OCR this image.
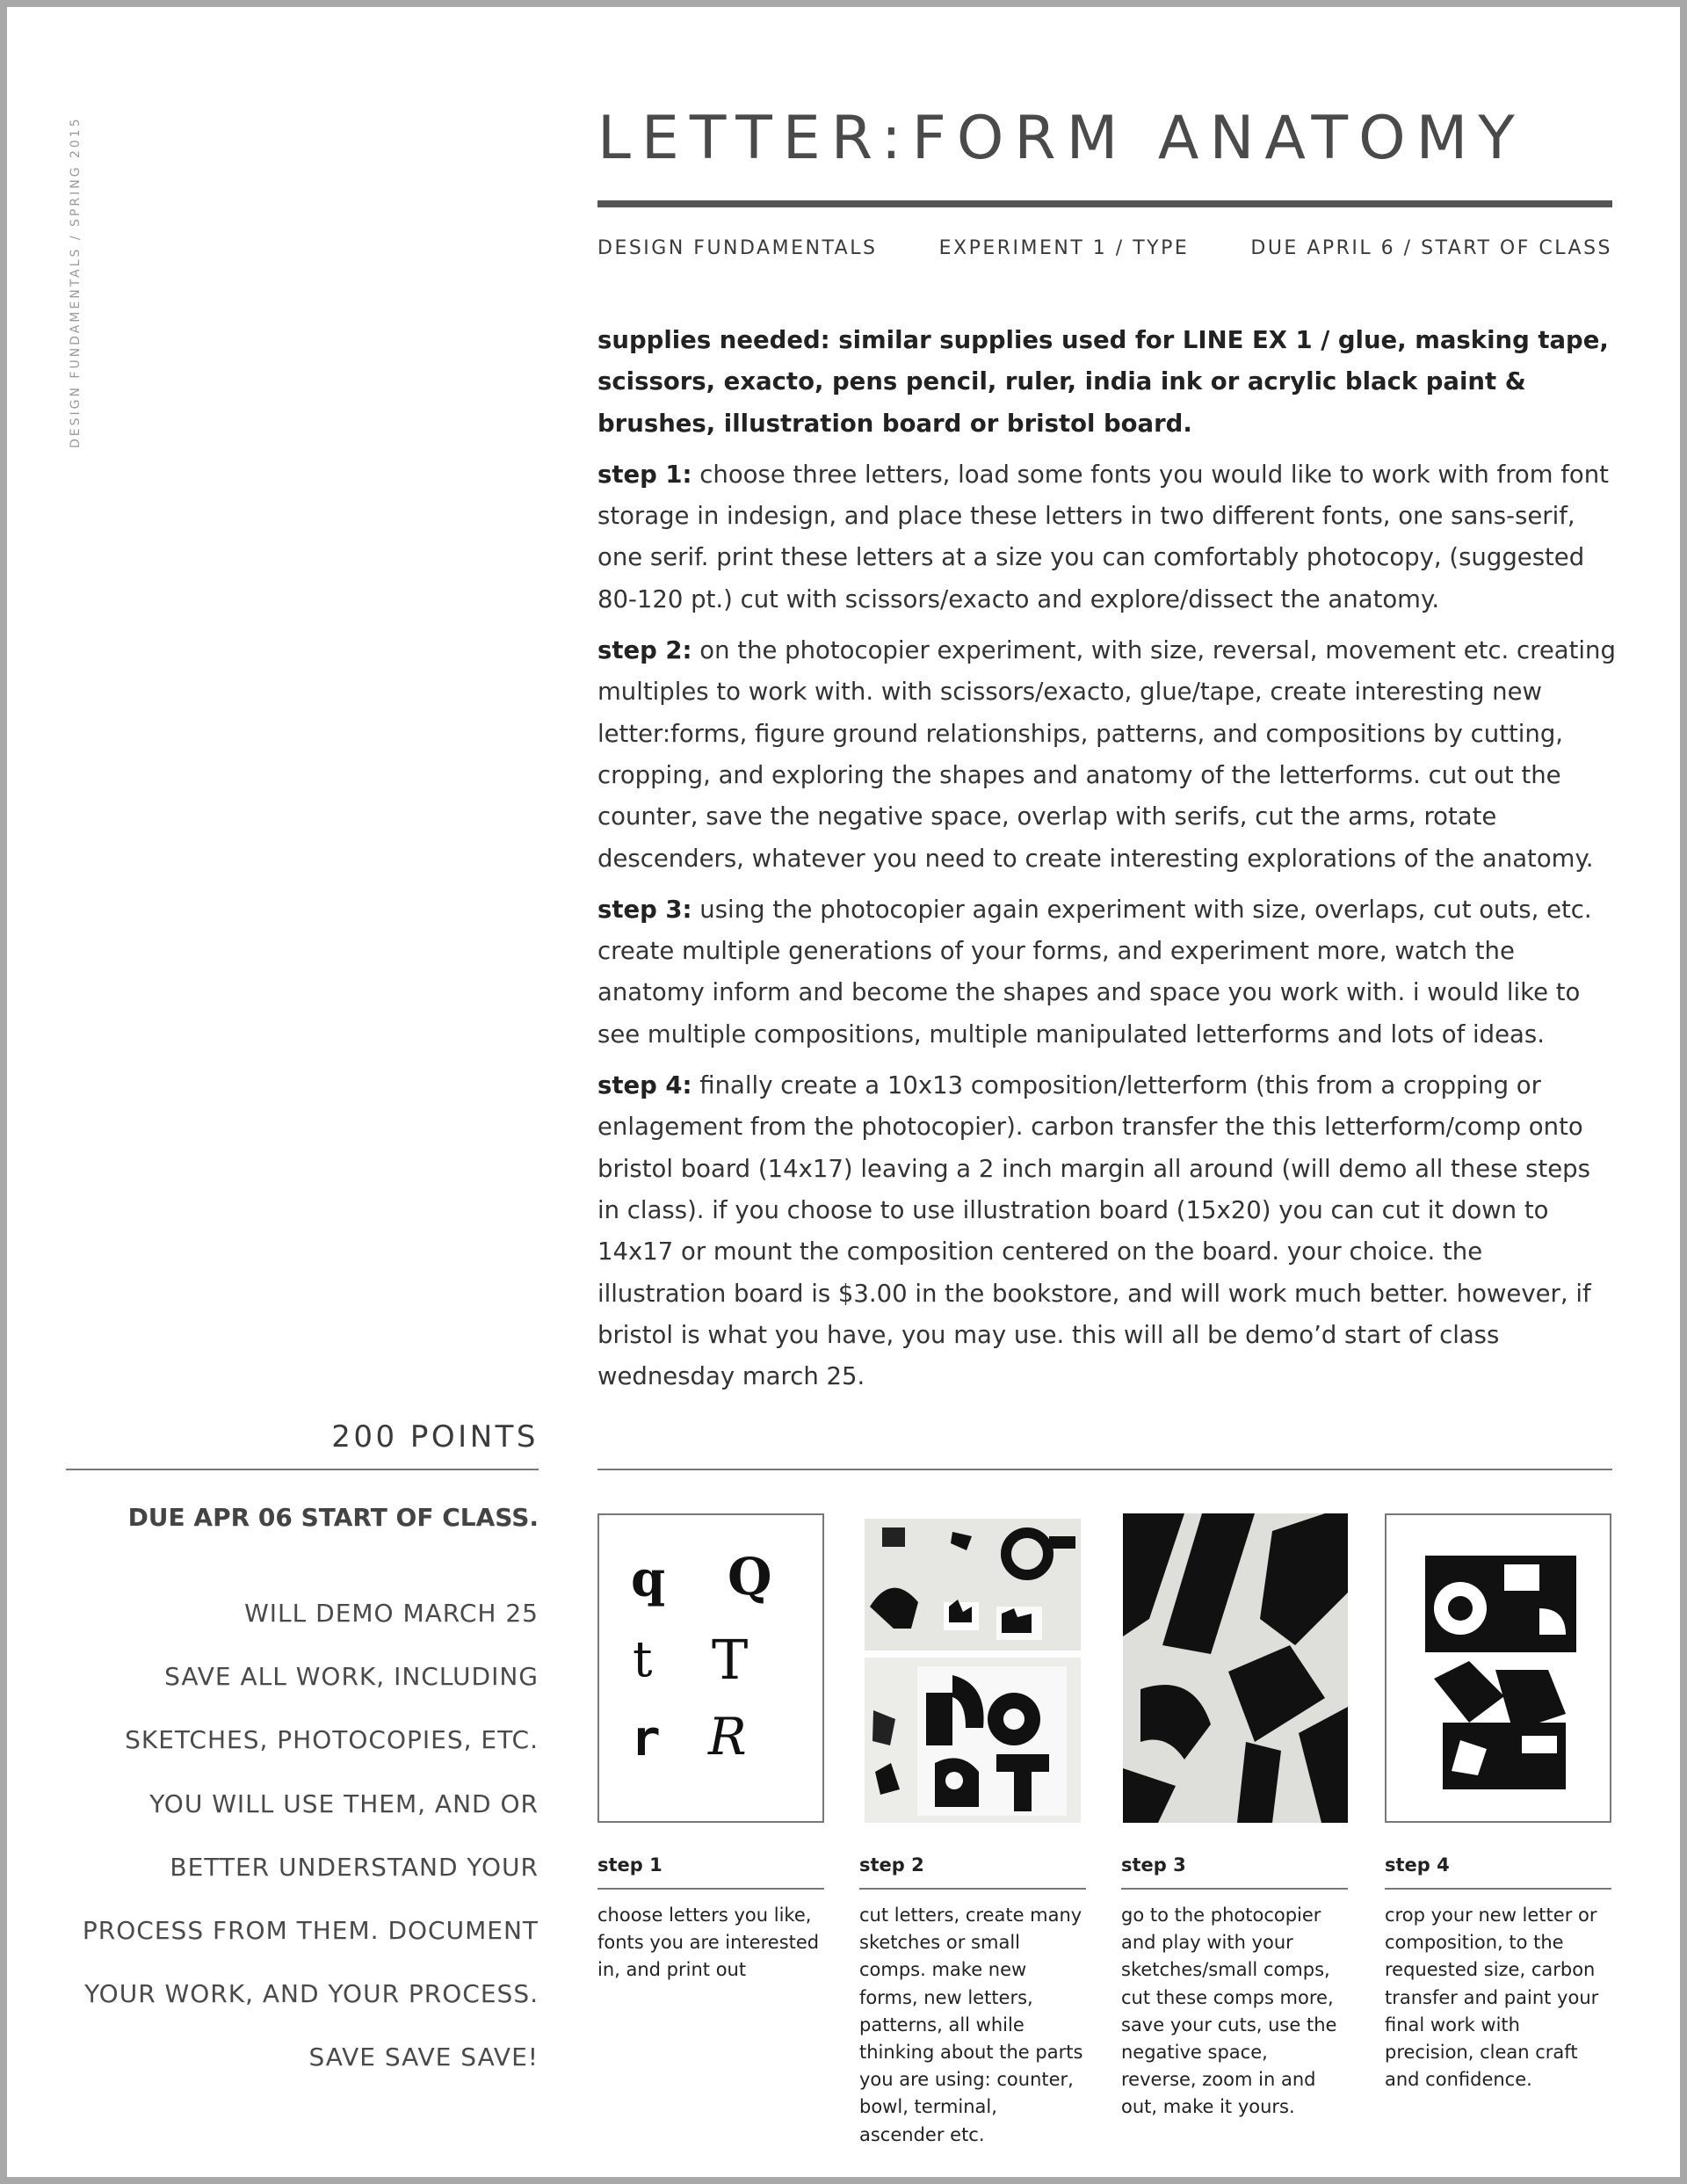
DESIGN FUNDAMENTALS / SPRING 2015	LETTER:FORM ANATOMY
DESIGN FUNDAMENTALS	EXPERIMENT 1 / TYPE	DUE APRIL 6 / START OF CLASS

supplies needed: similar supplies used for LINE EX 1 / glue, masking tape, scissors, exacto, pens pencil, ruler, india ink or acrylic black paint & brushes, illustration board or bristol board.

step 1: choose three letters, load some fonts you would like to work with from font storage in indesign, and place these letters in two different fonts, one sans-serif, one serif. print these letters at a size you can comfortably photocopy, (suggested 80-120 pt.) cut with scissors/exacto and explore/dissect the anatomy.

step 2: on the photocopier experiment, with size, reversal, movement etc. creating multiples to work with. with scissors/exacto, glue/tape, create interesting new letter:forms, figure ground relationships, patterns, and compositions by cutting, cropping, and exploring the shapes and anatomy of the letterforms. cut out the counter, save the negative space, overlap with serifs, cut the arms, rotate descenders, whatever you need to create interesting explorations of the anatomy.

step 3: using the photocopier again experiment with size, overlaps, cut outs, etc. create multiple generations of your forms, and experiment more, watch the anatomy inform and become the shapes and space you work with. i would like to see multiple compositions, multiple manipulated letterforms and lots of ideas.

step 4: finally create a 10x13 composition/letterform (this from a cropping or enlagement from the photocopier). carbon transfer the this letterform/comp onto bristol board (14x17) leaving a 2 inch margin all around (will demo all these steps in class). if you choose to use illustration board (15x20) you can cut it down to 14x17 or mount the composition centered on the board. your choice. the illustration board is $3.00 in the bookstore, and will work much better. however, if bristol is what you have, you may use. this will all be demo’d start of class wednesday march 25.

200 POINTS
DUE APR 06 START OF CLASS.
WILL DEMO MARCH 25
SAVE ALL WORK, INCLUDING
SKETCHES, PHOTOCOPIES, ETC.
YOU WILL USE THEM, AND OR
BETTER UNDERSTAND YOUR
PROCESS FROM THEM. DOCUMENT
YOUR WORK, AND YOUR PROCESS.
SAVE SAVE SAVE!
q Q
t T
r R
step 1
choose letters you like, fonts you are interested in, and print out
step 2
cut letters, create many sketches or small comps. make new forms, new letters, patterns, all while thinking about the parts you are using: counter, bowl, terminal, ascender etc.
step 3
go to the photocopier and play with your sketches/small comps, cut these comps more, save your cuts, use the negative space, reverse, zoom in and out, make it yours.
step 4
crop your new letter or composition, to the requested size, carbon transfer and paint your final work with precision, clean craft and confidence.
